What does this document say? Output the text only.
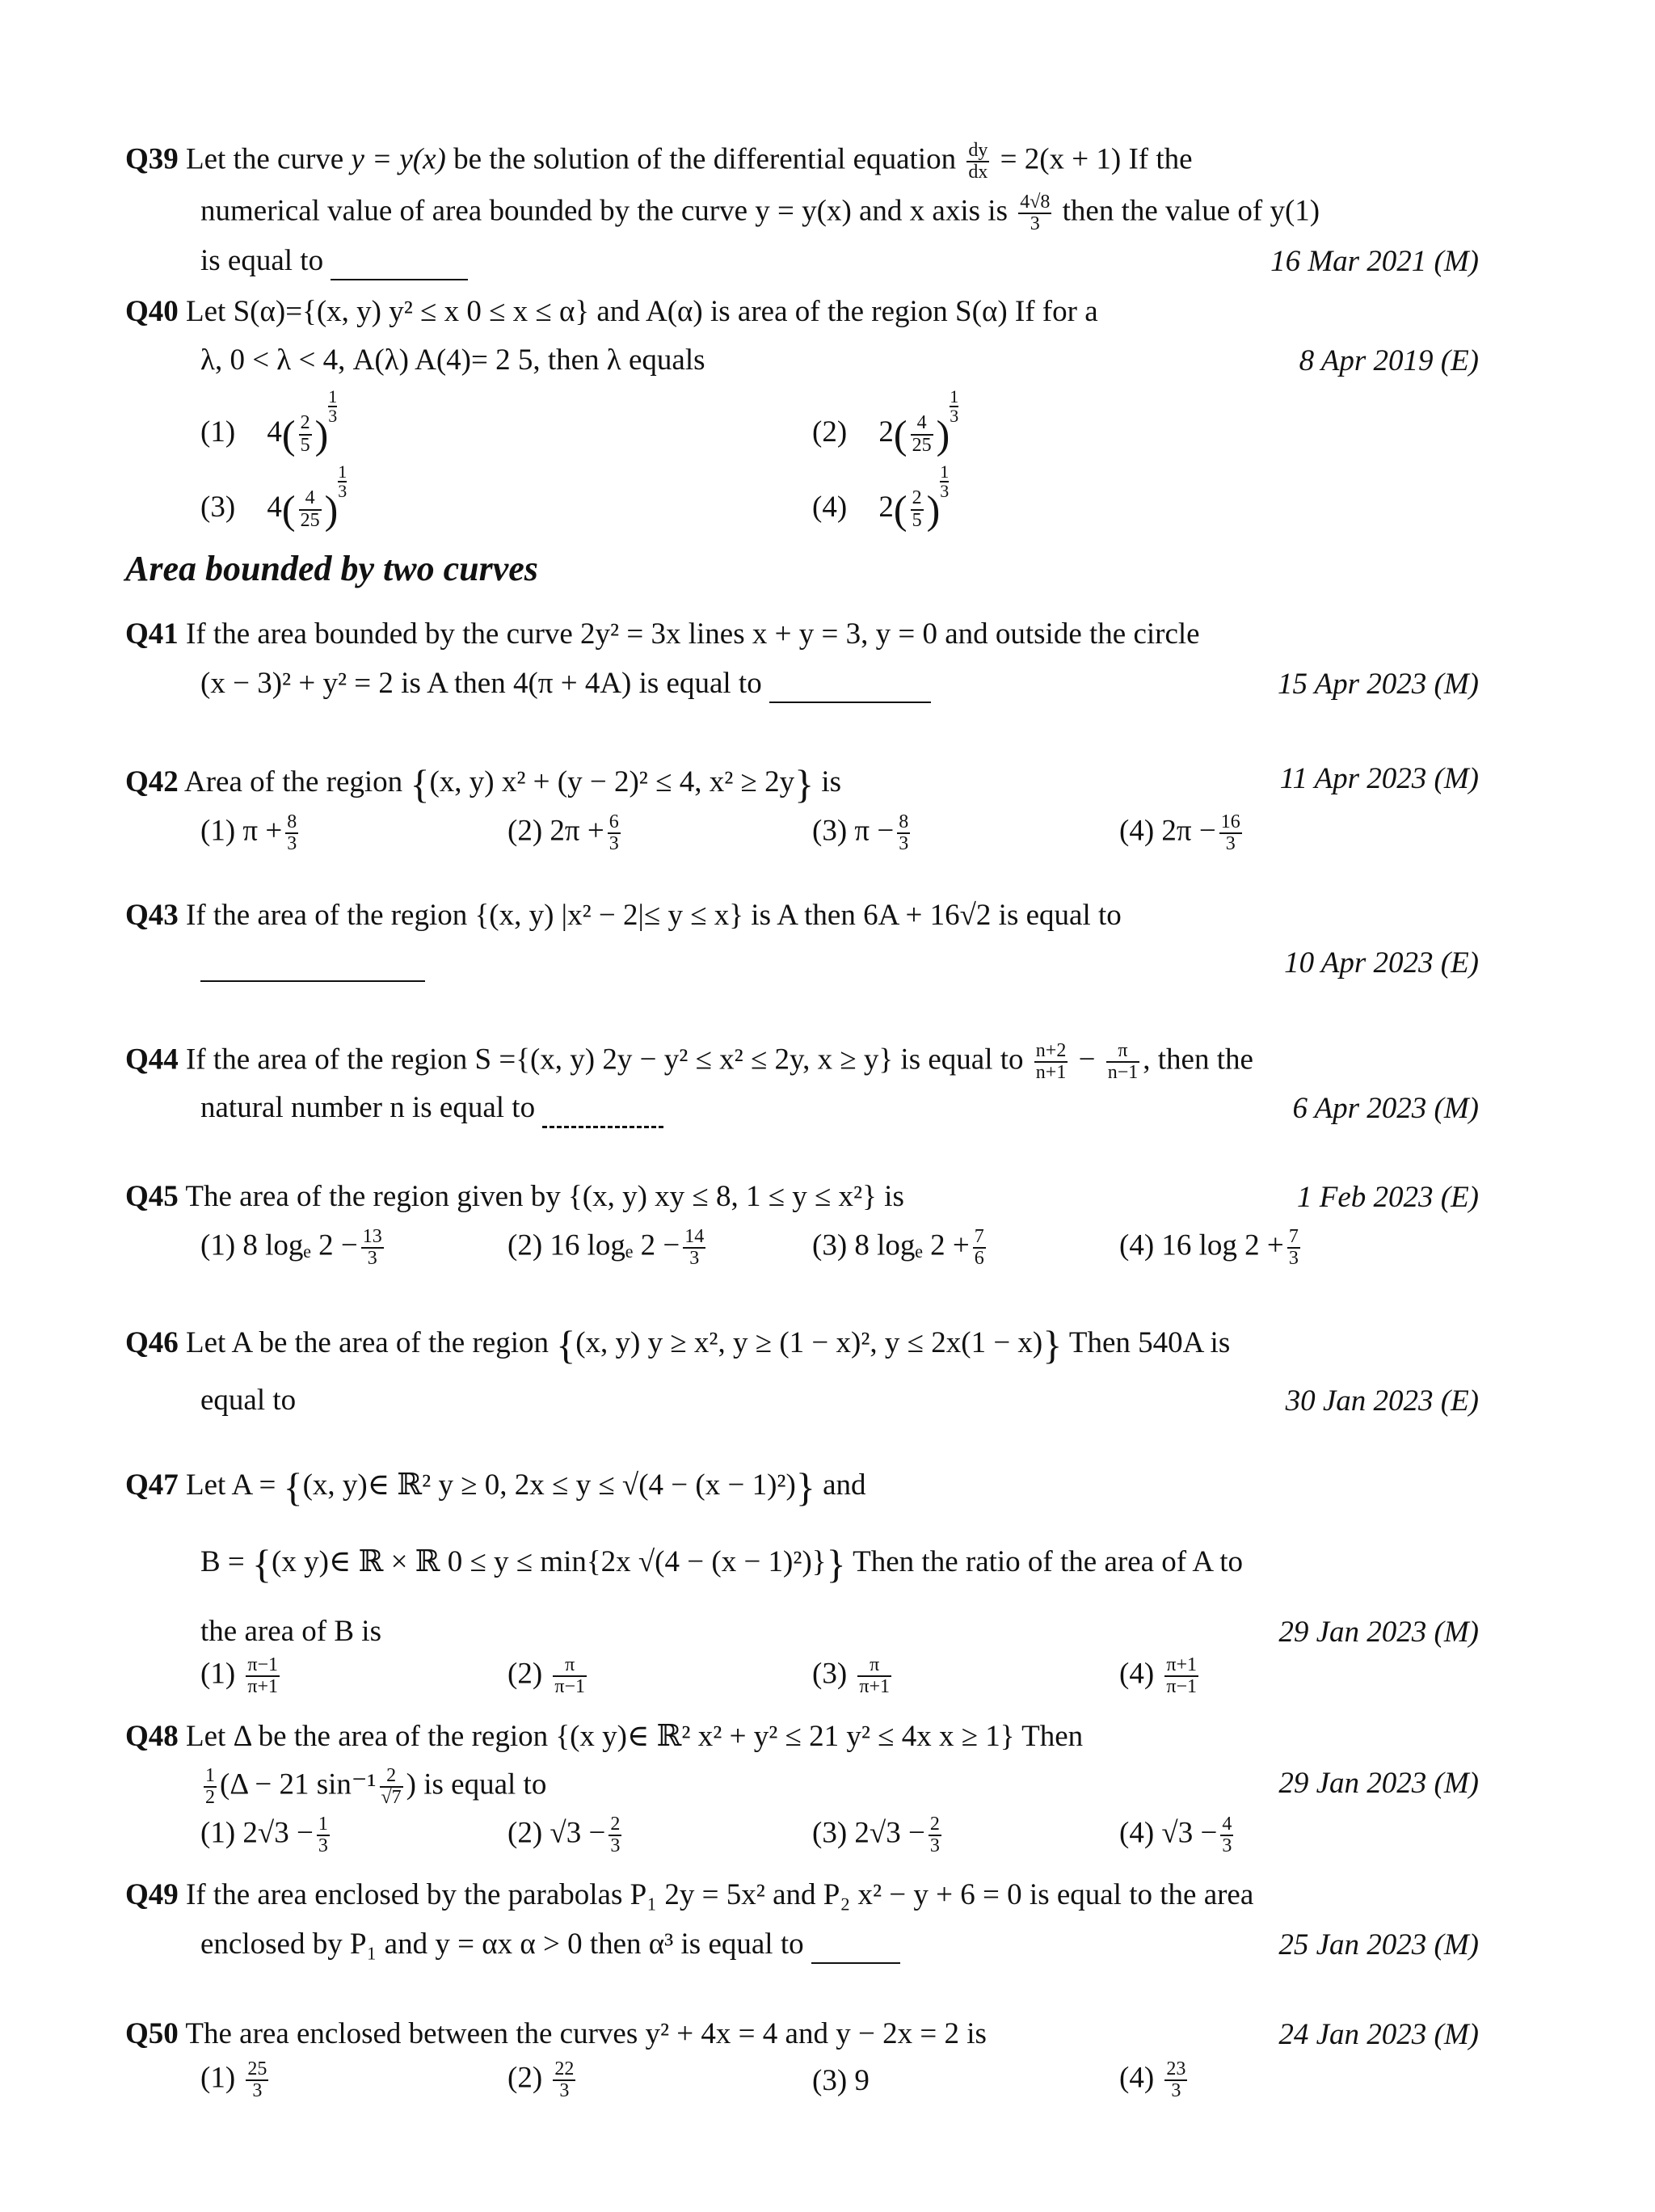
Q39 Let the curve y = y(x) be the solution of the differential equation $\frac{dy}{dx} = 2(x + 1)$ If the
numerical value of area bounded by the curve y = y(x) and x axis is $\frac{4√8}{3}$ then the value of y(1)
is equal to	16 Mar 2021 (M)
Q40 Let S(α)={(x, y) y² ≤ x 0 ≤ x ≤ α} and A(α) is area of the region S(α) If for a
λ, 0 < λ < 4, A(λ) A(4)= 2 5, then λ equals	8 Apr 2019 (E)
(1) $4( \frac{2}{5}$ )
$\frac{1}{3}$
(2) $2( \frac{4}{25}$ )
$\frac{1}{3}$
(3) $4( \frac{4}{25}$ )
$\frac{1}{3}$
(4) $2( \frac{2}{5}$ )
$\frac{1}{3}$
Area bounded by two curves
Q41 If the area bounded by the curve 2y² = 3x lines x + y = 3, y = 0 and outside the circle
(x − 3)² + y² = 2 is A then 4(π + 4A) is equal to	15 Apr 2023 (M)
Q42 Area of the region {(x, y) x² + (y − 2)² ≤ 4, x² ≥ 2y} is	11 Apr 2023 (M)
(1) $\pi + \frac{8}{3}$	(2) $2\pi + \frac{6}{3}$	(3) $\pi - \frac{8}{3}$	(4) $2\pi - \frac{16}{3}$
Q43 If the area of the region {(x, y) |x² − 2|≤ y ≤ x} is A then 6A + 16√2 is equal to

10 Apr 2023 (E)
Q44 If the area of the region S ={(x, y) 2y − y² ≤ x² ≤ 2y, x ≥ y} is equal to $\frac{n+2}{n+1} - \frac{\pi}{n-1}$ , then the
natural number n is equal to	6 Apr 2023 (M)
Q45 The area of the region given by {(x, y) xy ≤ 8, 1 ≤ y ≤ x²} is	1 Feb 2023 (E)
(1) 8 logₑ $2 - \frac{13}{3}$	(2) 16 logₑ $2 - \frac{14}{3}$	(3) 8 logₑ $2 + \frac{7}{6}$	(4) 16 $\log 2 + \frac{7}{3}$
Q46 Let A be the area of the region {(x, y) y ≥ x², y ≥ (1 − x)², y ≤ 2x(1 − x)} Then 540A is
equal to	30 Jan 2023 (E)
Q47 Let A = {(x, y)∈ ℝ² y ≥ 0, 2x ≤ y ≤ √(4 − (x − 1)²)} and
B = {(x y)∈ ℝ × ℝ 0 ≤ y ≤ min{2x √(4 − (x − 1)²)}} Then the ratio of the area of A to
the area of B is	29 Jan 2023 (M)
$(1) \frac{\pi-1}{\pi+1}$	$(2) \frac{\pi}{\pi-1}$	$(3) \frac{\pi}{\pi+1}$	$(4) \frac{\pi+1}{\pi-1}$
Q48 Let Δ be the area of the region {(x y)∈ ℝ² x² + y² ≤ 21 y² ≤ 4x x ≥ 1} Then
$\frac{1}{2} (\Delta - 21$ $\sin^{-1} \frac{2}{√7}$ ) is equal to	29 Jan 2023 (M)
(1) $2√3 - \frac{1}{3}$	(2) $√3 - \frac{2}{3}$	(3) $2√3 - \frac{2}{3}$	(4) $√3 - \frac{4}{3}$
Q49 If the area enclosed by the parabolas P₁ 2y = 5x² and P₂ x² − y + 6 = 0 is equal to the area
enclosed by P₁ and y = αx α > 0 then α³ is equal to	25 Jan 2023 (M)
Q50 The area enclosed between the curves y² + 4x = 4 and y − 2x = 2 is	24 Jan 2023 (M)
$(1) \frac{25}{3}$	$(2) \frac{22}{3}$	(3) 9	$(4) \frac{23}{3}$
